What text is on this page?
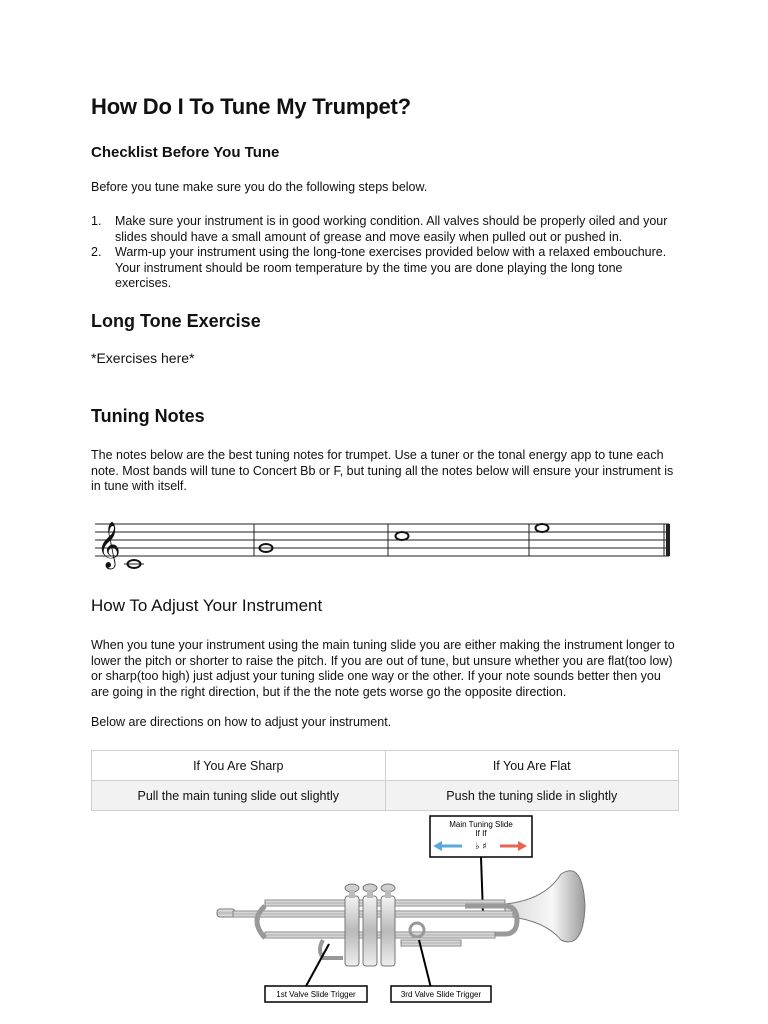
How Do I To Tune My Trumpet?

Checklist Before You Tune

Before you tune make sure you do the following steps below.

1. Make sure your instrument is in good working condition. All valves should be properly oiled and your slides should have a small amount of grease and move easily when pulled out or pushed in.
2. Warm-up your instrument using the long-tone exercises provided below with a relaxed embouchure. Your instrument should be room temperature by the time you are done playing the long tone exercises.

Long Tone Exercise

*Exercises here*

Tuning Notes

The notes below are the best tuning notes for trumpet. Use a tuner or the tonal energy app to tune each note. Most bands will tune to Concert Bb or F, but tuning all the notes below will ensure your instrument is in tune with itself.

𝄞

How To Adjust Your Instrument

When you tune your instrument using the main tuning slide you are either making the instrument longer to lower the pitch or shorter to raise the pitch. If you are out of tune, but unsure whether you are flat(too low) or sharp(too high) just adjust your tuning slide one way or the other. If your note sounds better then you are going in the right direction, but if the the note gets worse go the opposite direction.

Below are directions on how to adjust your instrument.

If You Are Sharp	If You Are Flat
Pull the main tuning slide out slightly	Push the tuning slide in slightly
Main Tuning Slide
If If
♭ ♯
1st Valve Slide Trigger	3rd Valve Slide Trigger
